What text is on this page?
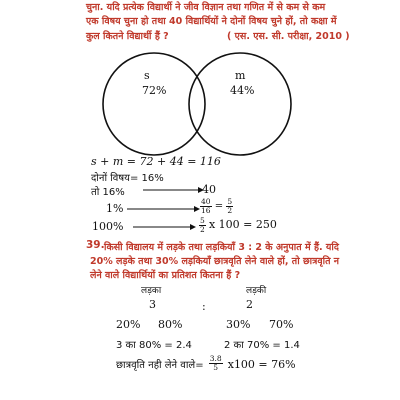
चुना. यदि प्रत्येक विद्यार्थी ने जीव विज्ञान तथा गणित में से कम से कम
एक विषय चुना हो तथा 40 विद्यार्थियों ने दोनों विषय चुने हों, तो कक्षा में
कुल कितने विद्यार्थी हैं ?	( एस. एस. सी. परीक्षा, 2010 )
s
72%
m
44%
s + m = 72 + 44 = 116
दोनों विषय= 16%
तो 16%	40
1%	$\frac{40}{16} = \frac{5}{2}$
100%	$\frac{5}{2}$ x 100 = 250
39. किसी विद्यालय में लड़के तथा लड़कियाँ 3 : 2 के अनुपात में हैं. यदि
20% लड़के तथा 30% लड़कियाँ छात्रवृति लेने वाले हों, तो छात्रवृति न
लेने वाले विद्यार्थियों का प्रतिशत कितना हैं ?
लड़का	लड़की
3	:	2
20% 80%	30% 70%
3 का 80% = 2.4	2 का 70% = 1.4
छात्रवृति नही लेने वाले= $\frac{3.8}{5} x100 = 76\%$
